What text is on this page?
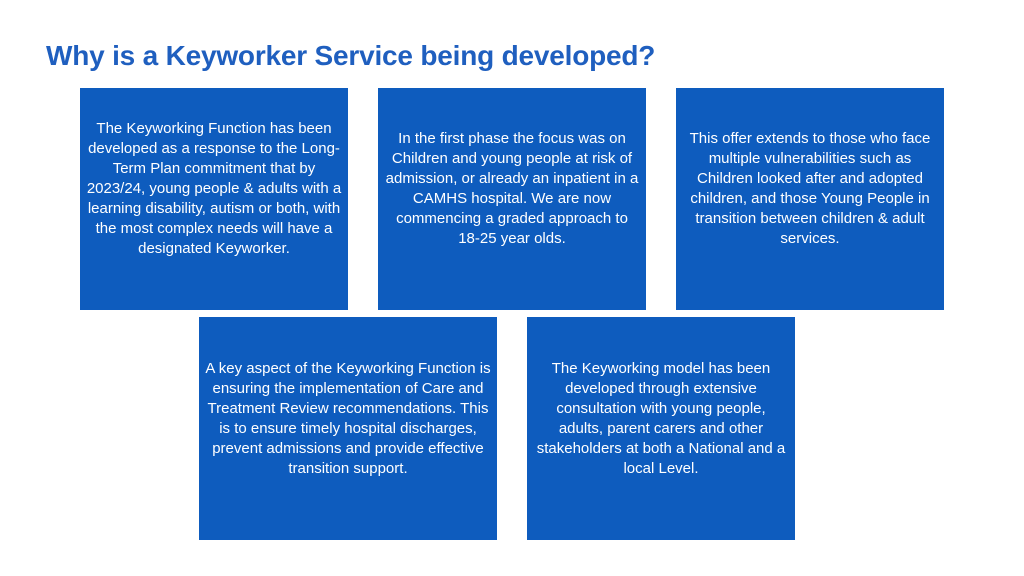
Why is a Keyworker Service being developed?

The Keyworking Function has been developed as a response to the Long-Term Plan commitment that by 2023/24, young people & adults with a learning disability, autism or both, with the most complex needs will have a designated Keyworker.

In the first phase the focus was on Children and young people at risk of admission, or already an inpatient in a CAMHS hospital. We are now commencing a graded approach to 18-25 year olds.

This offer extends to those who face multiple vulnerabilities such as Children looked after and adopted children, and those Young People in transition between children & adult services.

A key aspect of the Keyworking Function is ensuring the implementation of Care and Treatment Review recommendations. This is to ensure timely hospital discharges, prevent admissions and provide effective transition support.

The Keyworking model has been developed through extensive consultation with young people, adults, parent carers and other stakeholders at both a National and a local Level.
